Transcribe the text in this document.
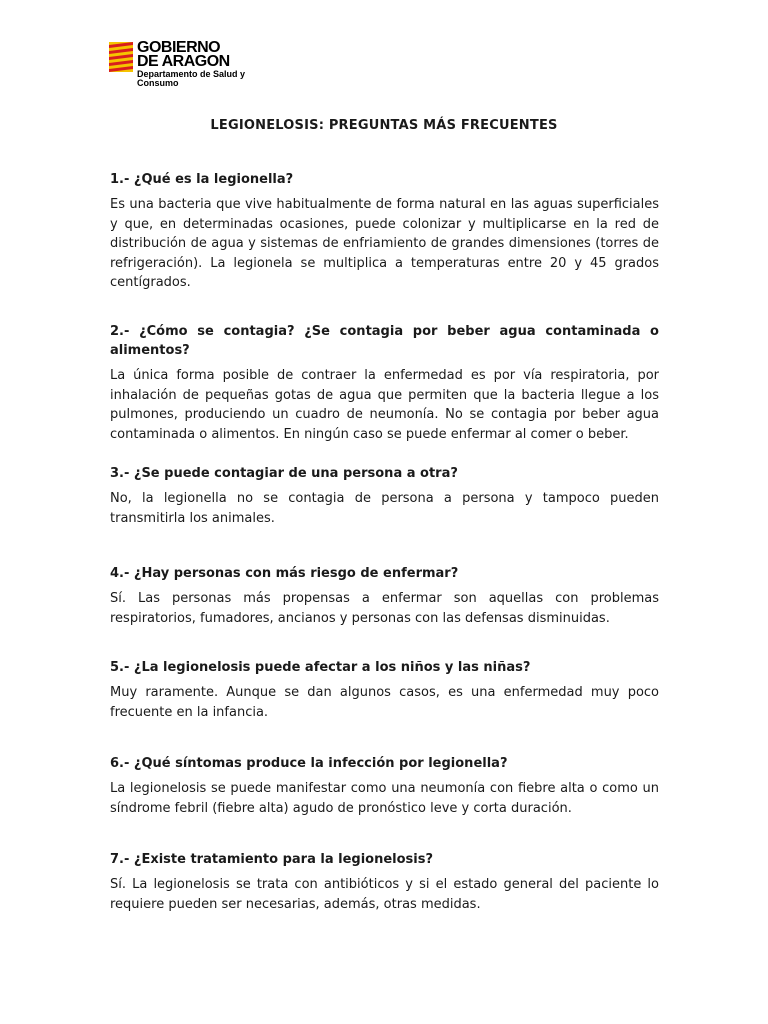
GOBIERNO
DE ARAGON
Departamento de Salud y
Consumo
LEGIONELOSIS: PREGUNTAS MÁS FRECUENTES

1.- ¿Qué es la legionella?

Es una bacteria que vive habitualmente de forma natural en las aguas superficiales y que, en determinadas ocasiones, puede colonizar y multiplicarse en la red de distribución de agua y sistemas de enfriamiento de grandes dimensiones (torres de refrigeración). La legionela se multiplica a temperaturas entre 20 y 45 grados centígrados.

2.- ¿Cómo se contagia? ¿Se contagia por beber agua contaminada o alimentos?

La única forma posible de contraer la enfermedad es por vía respiratoria, por inhalación de pequeñas gotas de agua que permiten que la bacteria llegue a los pulmones, produciendo un cuadro de neumonía. No se contagia por beber agua contaminada o alimentos. En ningún caso se puede enfermar al comer o beber.

3.- ¿Se puede contagiar de una persona a otra?

No, la legionella no se contagia de persona a persona y tampoco pueden transmitirla los animales.

4.- ¿Hay personas con más riesgo de enfermar?

Sí. Las personas más propensas a enfermar son aquellas con problemas respiratorios, fumadores, ancianos y personas con las defensas disminuidas.

5.- ¿La legionelosis puede afectar a los niños y las niñas?

Muy raramente. Aunque se dan algunos casos, es una enfermedad muy poco frecuente en la infancia.

6.- ¿Qué síntomas produce la infección por legionella?

La legionelosis se puede manifestar como una neumonía con fiebre alta o como un síndrome febril (fiebre alta) agudo de pronóstico leve y corta duración.

7.- ¿Existe tratamiento para la legionelosis?

Sí. La legionelosis se trata con antibióticos y si el estado general del paciente lo requiere pueden ser necesarias, además, otras medidas.
